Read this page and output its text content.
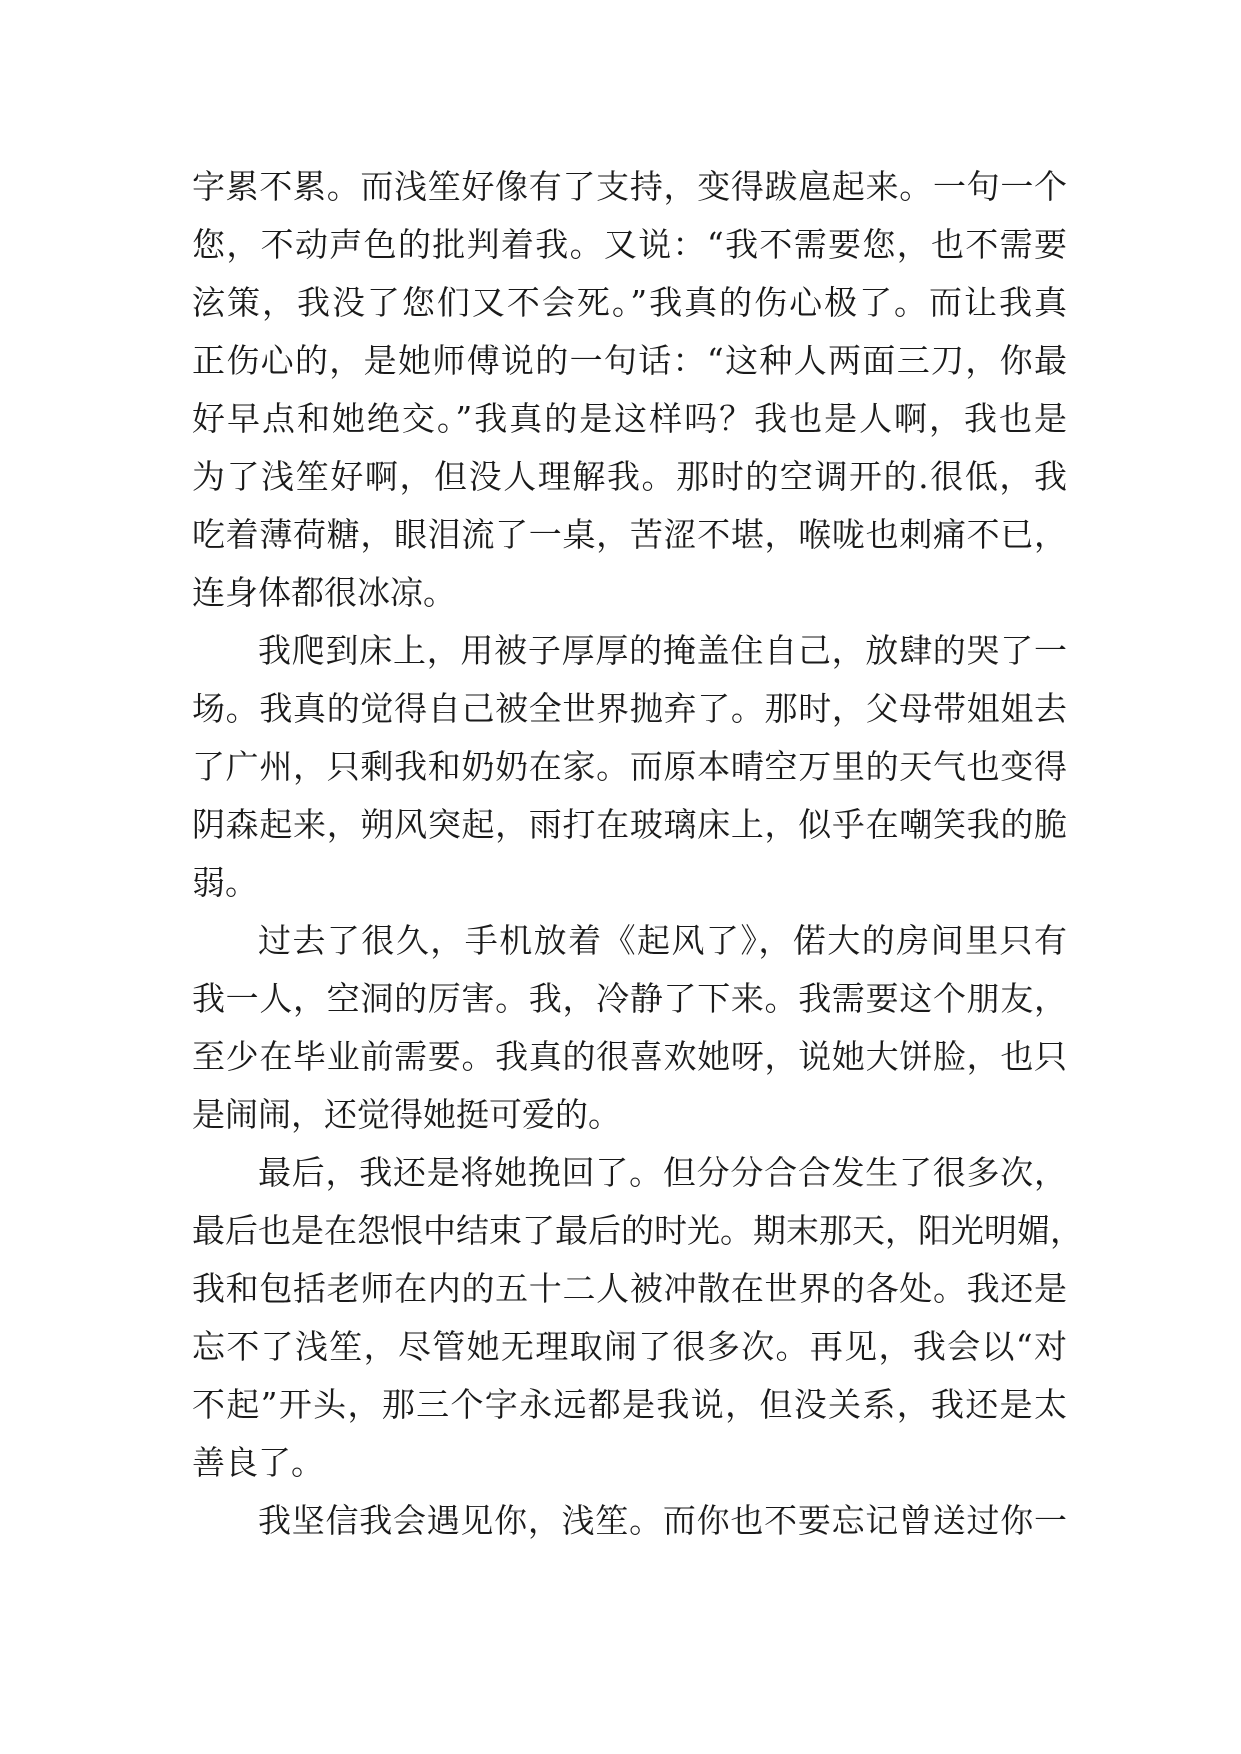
字累不累。而浅笙好像有了支持，变得跋扈起来。一句一个
您，不动声色的批判着我。又说：“我不需要您，也不需要
泫策，我没了您们又不会死。”我真的伤心极了。而让我真
正伤心的，是她师傅说的一句话：“这种人两面三刀，你最
好早点和她绝交。”我真的是这样吗？我也是人啊，我也是
为了浅笙好啊，但没人理解我。那时的空调开的.很低，我
吃着薄荷糖，眼泪流了一桌，苦涩不堪，喉咙也刺痛不已，
连身体都很冰凉。
我爬到床上，用被子厚厚的掩盖住自己，放肆的哭了一
场。我真的觉得自己被全世界抛弃了。那时，父母带姐姐去
了广州，只剩我和奶奶在家。而原本晴空万里的天气也变得
阴森起来，朔风突起，雨打在玻璃床上，似乎在嘲笑我的脆
弱。
过去了很久，手机放着《起风了》，偌大的房间里只有
我一人，空洞的厉害。我，冷静了下来。我需要这个朋友，
至少在毕业前需要。我真的很喜欢她呀，说她大饼脸，也只
是闹闹，还觉得她挺可爱的。
最后，我还是将她挽回了。但分分合合发生了很多次，
最后也是在怨恨中结束了最后的时光。期末那天，阳光明媚，
我和包括老师在内的五十二人被冲散在世界的各处。我还是
忘不了浅笙，尽管她无理取闹了很多次。再见，我会以“对
不起”开头，那三个字永远都是我说，但没关系，我还是太
善良了。
我坚信我会遇见你，浅笙。而你也不要忘记曾送过你一
